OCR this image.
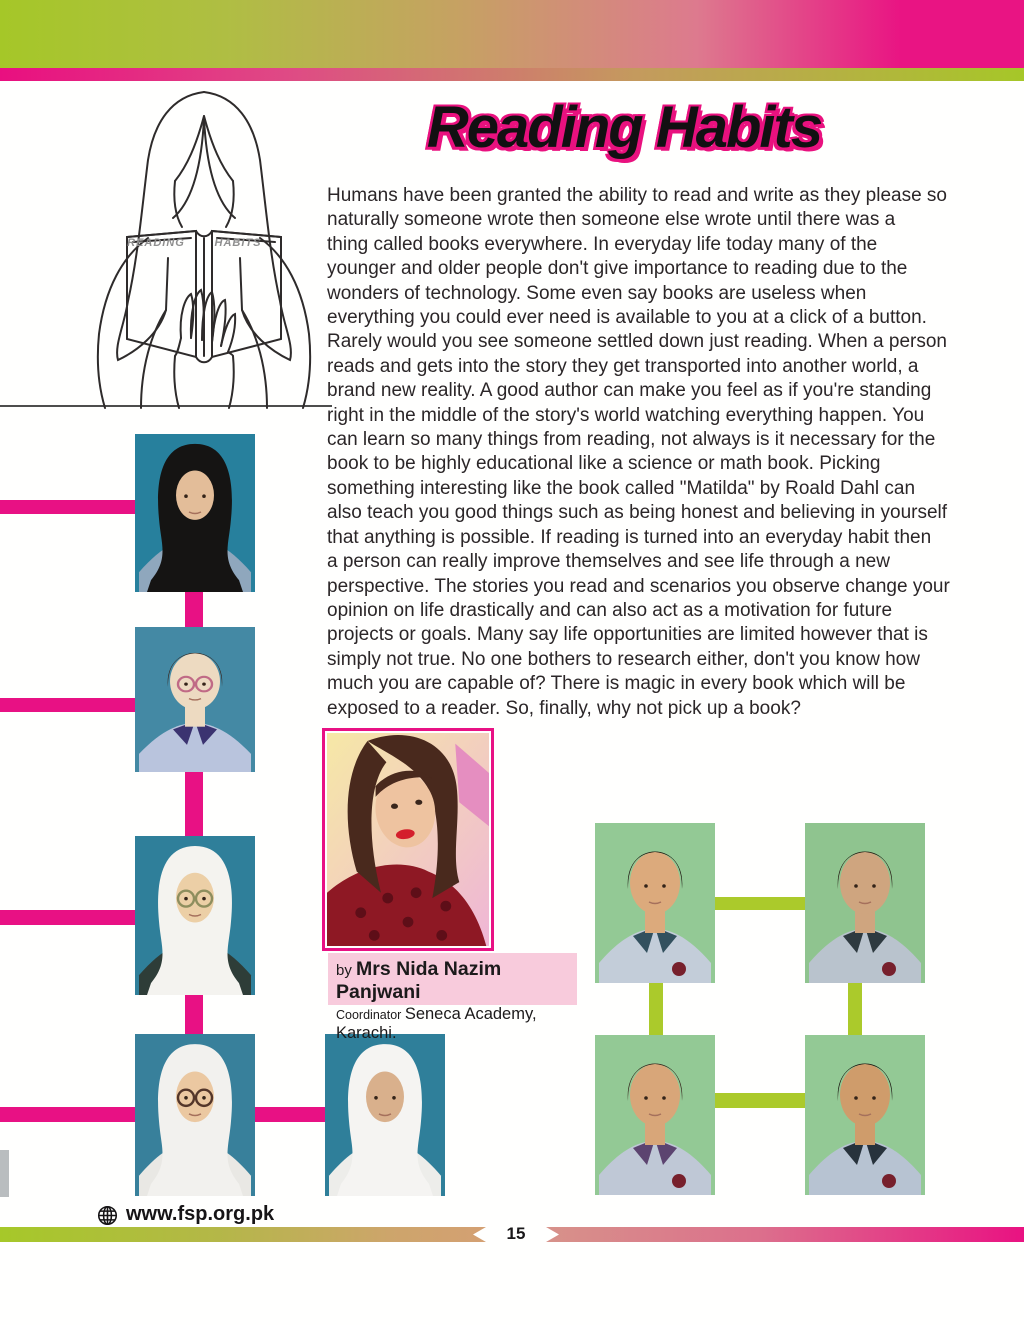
READING	HABITS
Reading Habits
Humans have been granted the ability to read and write as they please so
naturally someone wrote then someone else wrote until there was a
thing called books everywhere. In everyday life today many of the
younger and older people don't give importance to reading due to the
wonders of technology. Some even say books are useless when
everything you could ever need is available to you at a click of a button.
Rarely would you see someone settled down just reading. When a person
reads and gets into the story they get transported into another world, a
brand new reality. A good author can make you feel as if you're standing
right in the middle of the story's world watching everything happen. You
can learn so many things from reading, not always is it necessary for the
book to be highly educational like a science or math book. Picking
something interesting like the book called "Matilda" by Roald Dahl can
also teach you good things such as being honest and believing in yourself
that anything is possible. If reading is turned into an everyday habit then
a person can really improve themselves and see life through a new
perspective. The stories you read and scenarios you observe change your
opinion on life drastically and can also act as a motivation for future
projects or goals. Many say life opportunities are limited however that is
simply not true. No one bothers to research either, don't you know how
much you are capable of? There is magic in every book which will be
exposed to a reader. So, finally, why not pick up a book?
by Mrs Nida Nazim Panjwani
Coordinator Seneca Academy, Karachi.
www.fsp.org.pk
15
